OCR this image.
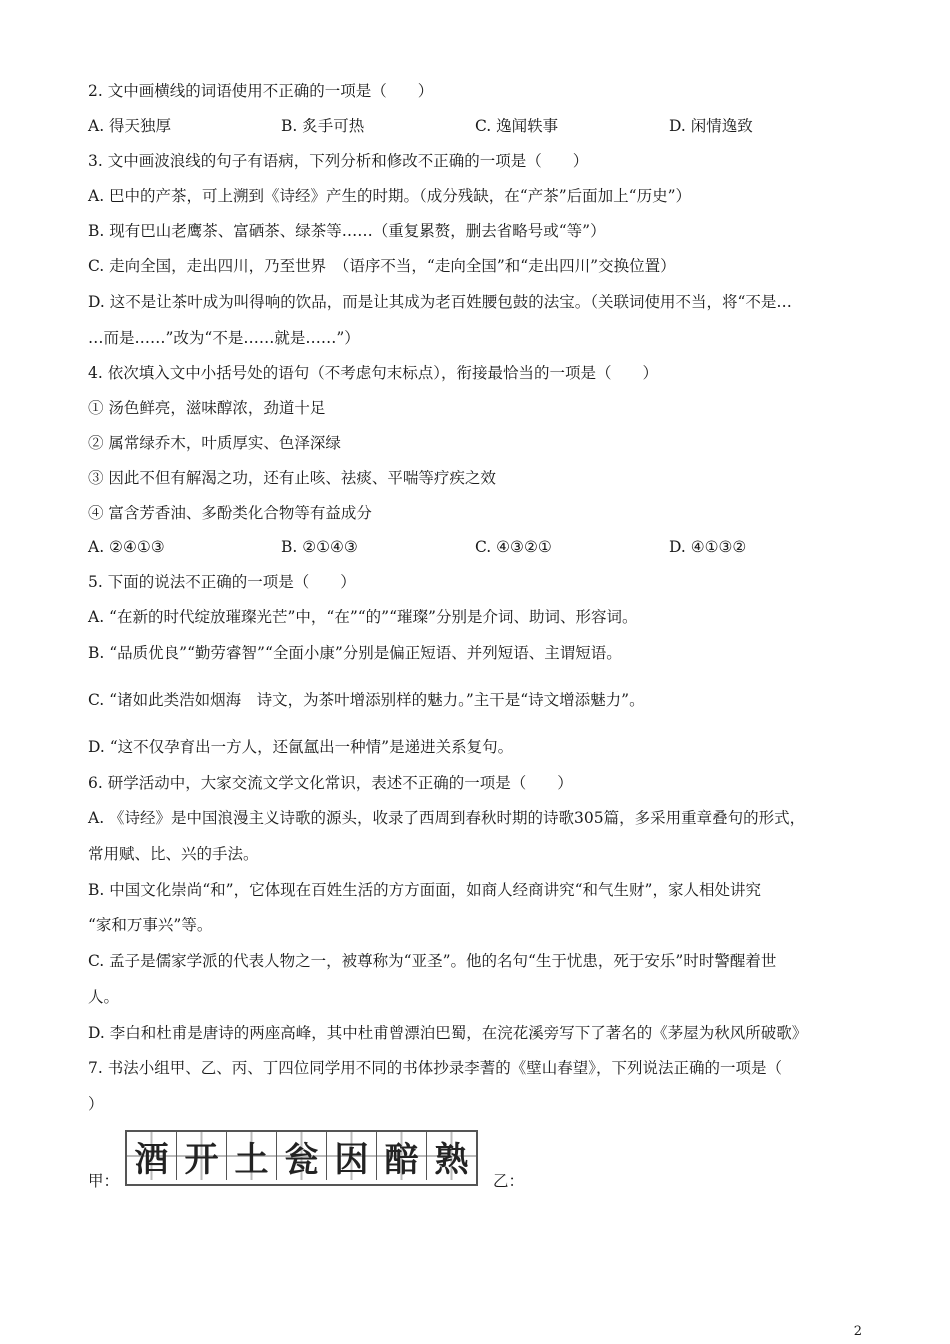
2. 文中画横线的词语使用不正确的一项是（　　）
A. 得天独厚	B. 炙手可热	C. 逸闻轶事	D. 闲情逸致
3. 文中画波浪线的句子有语病，下列分析和修改不正确的一项是（　　）
A. 巴中的产茶，可上溯到《诗经》产生的时期。（成分残缺，在“产茶”后面加上“历史”）
B. 现有巴山老鹰茶、富硒茶、绿茶等……（重复累赘，删去省略号或“等”）
C. 走向全国，走出四川，乃至世界　（语序不当，“走向全国”和“走出四川”交换位置）
D. 这不是让茶叶成为叫得响的饮品，而是让其成为老百姓腰包鼓的法宝。（关联词使用不当，将“不是…
…而是……”改为“不是……就是……”）
4. 依次填入文中小括号处的语句（不考虑句末标点），衔接最恰当的一项是（　　）
① 汤色鲜亮，滋味醇浓，劲道十足
② 属常绿乔木，叶质厚实、色泽深绿
③ 因此不但有解渴之功，还有止咳、祛痰、平喘等疗疾之效
④ 富含芳香油、多酚类化合物等有益成分
A. ②④①③	B. ②①④③	C. ④③②①	D. ④①③②
5. 下面的说法不正确的一项是（　　）
A. “在新的时代绽放璀璨光芒”中，“在”“的”“璀璨”分别是介词、助词、形容词。
B. “品质优良”“勤劳睿智”“全面小康”分别是偏正短语、并列短语、主谓短语。
C. “诸如此类浩如烟海　诗文，为茶叶增添别样的魅力。”主干是“诗文增添魅力”。
D. “这不仅孕育出一方人，还氤氲出一种情”是递进关系复句。
6. 研学活动中，大家交流文学文化常识，表述不正确的一项是（　　）
A. 《诗经》是中国浪漫主义诗歌的源头，收录了西周到春秋时期的诗歌305篇，多采用重章叠句的形式，
常用赋、比、兴的手法。
B. 中国文化崇尚“和”，它体现在百姓生活的方方面面，如商人经商讲究“和气生财”，家人相处讲究
“家和万事兴”等。
C. 孟子是儒家学派的代表人物之一，被尊称为“亚圣”。他的名句“生于忧患，死于安乐”时时警醒着世
人。
D. 李白和杜甫是唐诗的两座高峰，其中杜甫曾漂泊巴蜀，在浣花溪旁写下了著名的《茅屋为秋风所破歌》
7. 书法小组甲、乙、丙、丁四位同学用不同的书体抄录李蓍的《壁山春望》，下列说法正确的一项是（
）
甲：
酒 开 土 瓮 因 醅 熟
乙：
2
